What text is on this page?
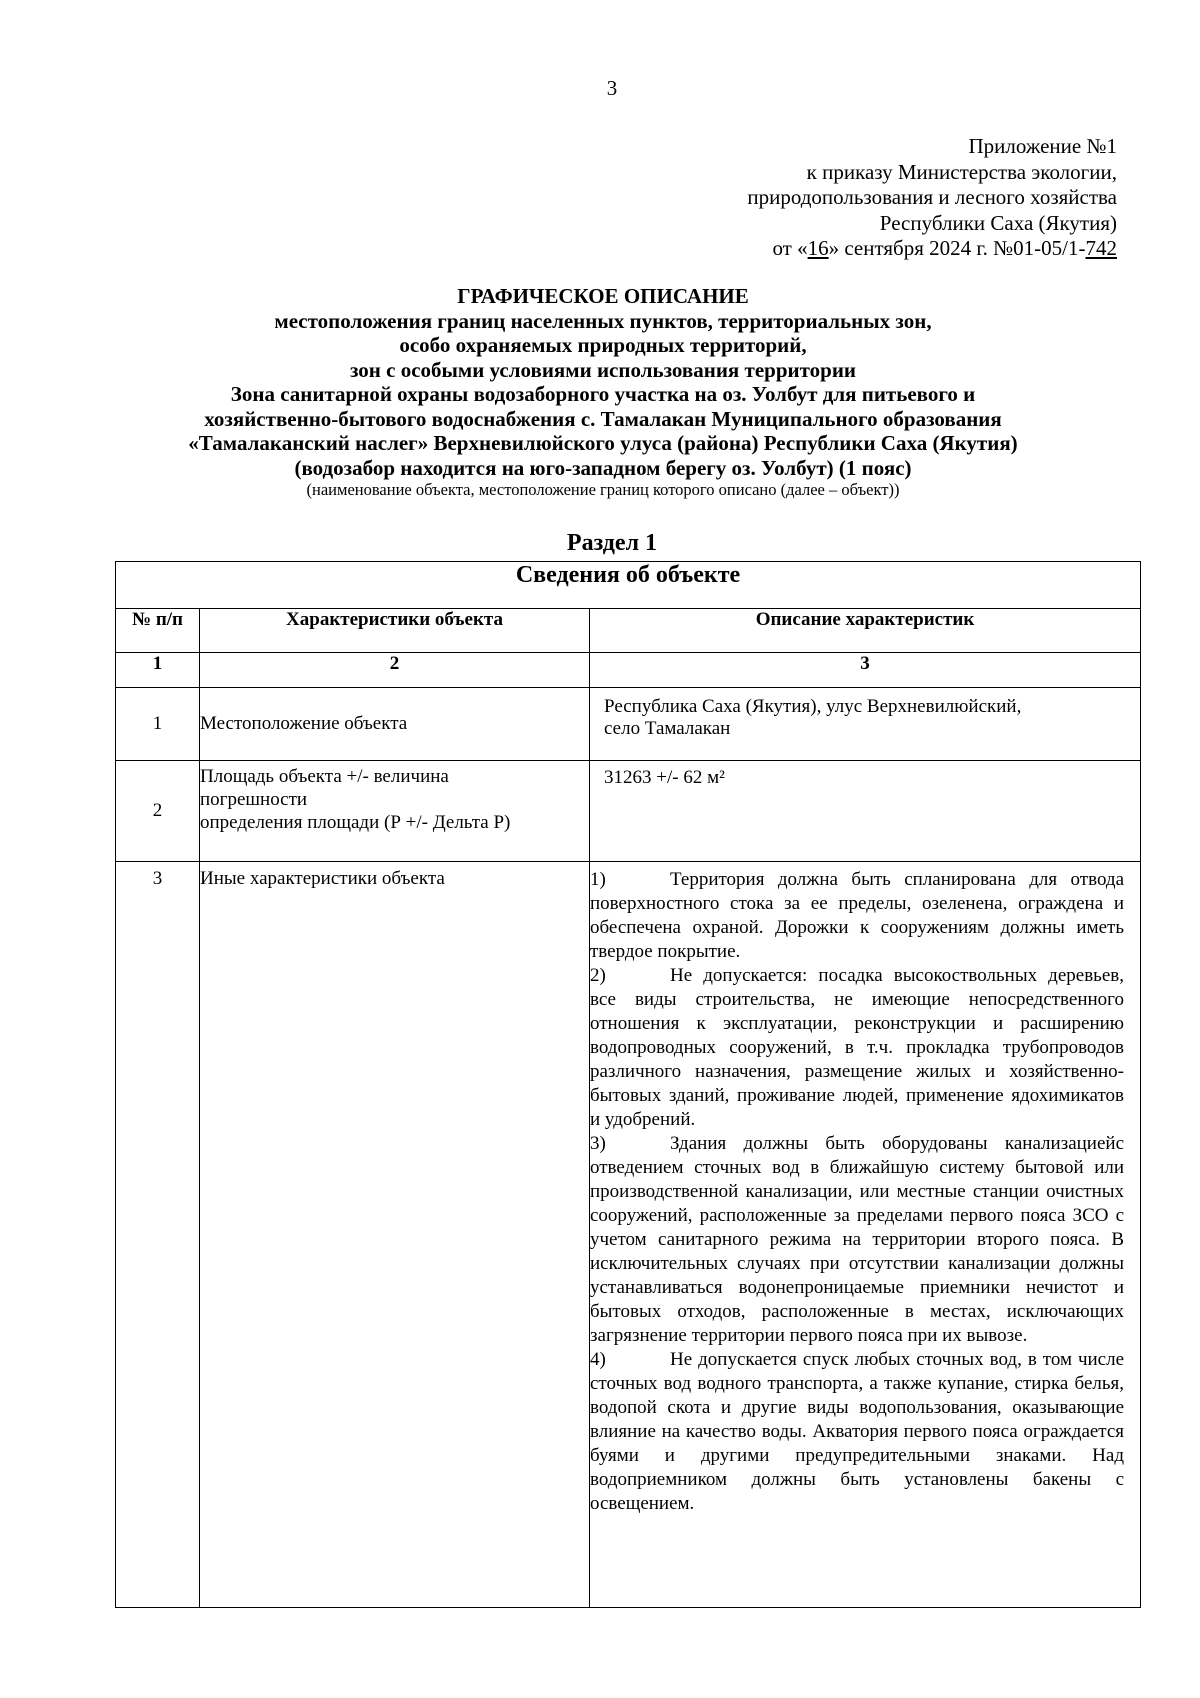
3
Приложение №1
к приказу Министерства экологии,
природопользования и лесного хозяйства
Республики Саха (Якутия)
от «16» сентября 2024 г. №01-05/1-742
ГРАФИЧЕСКОЕ ОПИСАНИЕ
местоположения границ населенных пунктов, территориальных зон,
особо охраняемых природных территорий,
зон с особыми условиями использования территории
Зона санитарной охраны водозаборного участка на оз. Уолбут для питьевого и
хозяйственно-бытового водоснабжения с. Тамалакан Муниципального образования
«Тамалаканский наслег» Верхневилюйского улуса (района) Республики Саха (Якутия)
(водозабор находится на юго-западном берегу оз. Уолбут) (1 пояс)
(наименование объекта, местоположение границ которого описано (далее – объект))
Раздел 1
Сведения об объекте		
№ п/п	Характеристики объекта	Описание характеристик
1	2	3
1	Местоположение объекта	Республика Саха (Якутия), улус Верхневилюйский,
село Тамалакан

2	Площадь объекта +/- величина
погрешности
определения площади (Р +/- Дельта Р)	31263 +/- 62 м²
3	Иные характеристики объекта	1) Территория должна быть спланирована для отвода поверхностного стока за ее пределы, озеленена, ограждена и обеспечена охраной. Дорожки к сооружениям должны иметь твердое покрытие.
2) Не допускается: посадка высокоствольных деревьев, все виды строительства, не имеющие непосредственного отношения к эксплуатации, реконструкции и расширению водопроводных сооружений, в т.ч. прокладка трубопроводов различного назначения, размещение жилых и хозяйственно-бытовых зданий, проживание людей, применение ядохимикатов и удобрений.
3) Здания должны быть оборудованы канализациейс отведением сточных вод в ближайшую систему бытовой или производственной канализации, или местные станции очистных сооружений, расположенные за пределами первого пояса ЗСО с учетом санитарного режима на территории второго пояса. В исключительных случаях при отсутствии канализации должны устанавливаться водонепроницаемые приемники нечистот и бытовых отходов, расположенные в местах, исключающих загрязнение территории первого пояса при их вывозе.
4) Не допускается спуск любых сточных вод, в том числе сточных вод водного транспорта, а также купание, стирка белья, водопой скота и другие виды водопользования, оказывающие влияние на качество воды. Акватория первого пояса ограждается буями и другими предупредительными знаками. Над водоприемником должны быть установлены бакены с освещением.
